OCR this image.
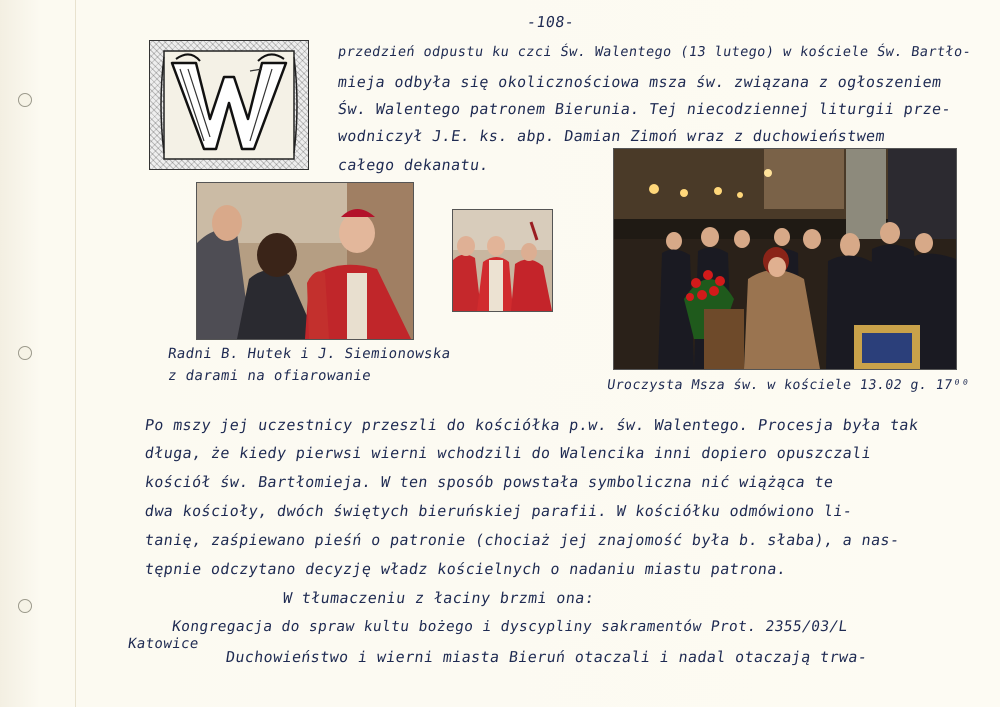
-108-

przedzień odpustu ku czci Św. Walentego (13 lutego) w kościele Św. Bartło-

mieja odbyła się okolicznościowa msza św. związana z ogłoszeniem

Św. Walentego patronem Bierunia. Tej niecodziennej liturgii prze-

wodniczył J.E. ks. abp. Damian Zimoń wraz z duchowieństwem

całego dekanatu.

Radni B. Hutek i J. Siemionowska

z darami na ofiarowanie

Uroczysta Msza św. w kościele 13.02 g. 17⁰⁰

Po mszy jej uczestnicy przeszli do kościółka p.w. św. Walentego. Procesja była tak

długa, że kiedy pierwsi wierni wchodzili do Walencika inni dopiero opuszczali

kościół św. Bartłomieja. W ten sposób powstała symboliczna nić wiążąca te

dwa kościoły, dwóch świętych bieruńskiej parafii. W kościółku odmówiono li-

tanię, zaśpiewano pieśń o patronie (chociaż jej znajomość była b. słaba), a nas-

tępnie odczytano decyzję władz kościelnych o nadaniu miastu patrona.

W tłumaczeniu z łaciny brzmi ona:

Kongregacja do spraw kultu bożego i dyscypliny sakramentów Prot. 2355/03/L

Katowice

Duchowieństwo i wierni miasta Bieruń otaczali i nadal otaczają trwa-
